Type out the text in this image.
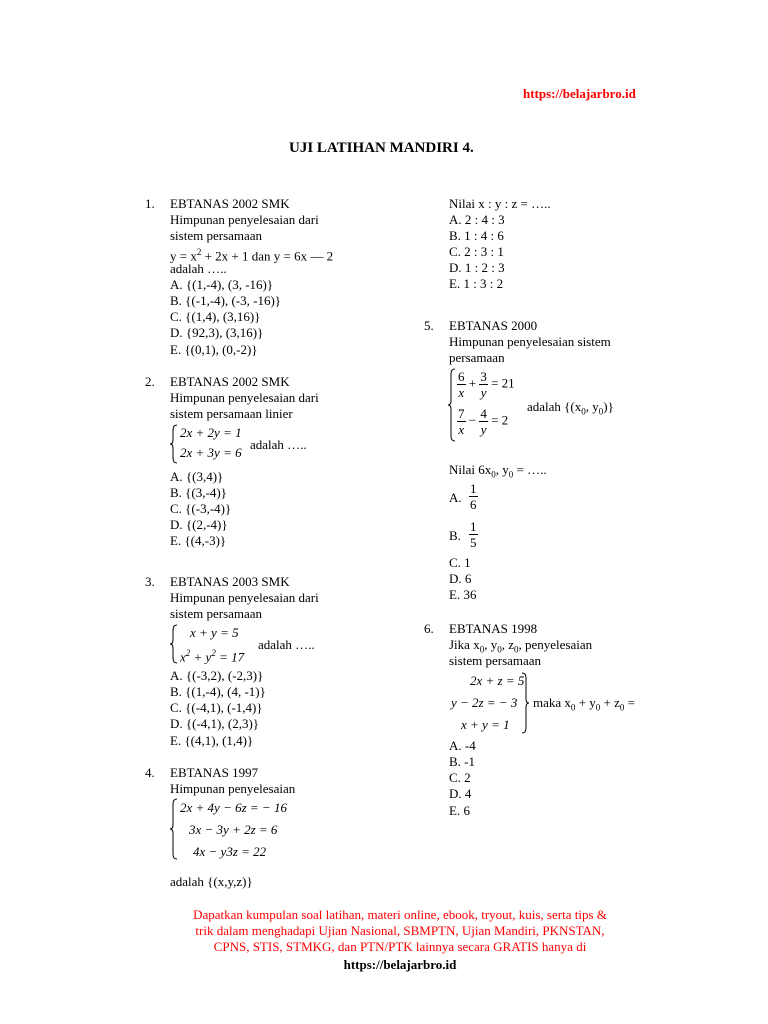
https://belajarbro.id
UJI LATIHAN MANDIRI 4.
1. EBTANAS 2002 SMK
Himpunan penyelesaian dari
sistem persamaan
$y = x^2 + 2x + 1$ dan y = 6x — 2
adalah …..
A. {(1,-4), (3, -16)}
B. {(-1,-4), (-3, -16)}
C. {(1,4), (3,16)}
D. {92,3), (3,16)}
E. {(0,1), (0,-2)}
2. EBTANAS 2002 SMK
Himpunan penyelesaian dari
sistem persamaan linier
2x + 2y = 1
2x + 3y = 6
adalah …..
A. {(3,4)}
B. {(3,-4)}
C. {(-3,-4)}
D. {(2,-4)}
E. {(4,-3)}
3. EBTANAS 2003 SMK
Himpunan penyelesaian dari
sistem persamaan
x + y = 5
$x^2 + y^2 = 17$
adalah …..
A. {(-3,2), (-2,3)}
B. {(1,-4), (4, -1)}
C. {(-4,1), (-1,4)}
D. {(-4,1), (2,3)}
E. {(4,1), (1,4)}
4. EBTANAS 1997
Himpunan penyelesaian
2x + 4y − 6z = − 16
3x − 3y + 2z = 6
4x − y3z = 22
adalah {(x,y,z)}
Nilai x : y : z = …..
A. 2 : 4 : 3
B. 1 : 4 : 6
C. 2 : 3 : 1
D. 1 : 2 : 3
E. 1 : 3 : 2
5. EBTANAS 2000
Himpunan penyelesaian sistem
persamaan
$\frac{6}{x} + \frac{3}{y} = 21$
$\frac{7}{x} - \frac{4}{y} = 2$
adalah {($x_0$, $y_0$)}
Nilai $6x_0$, $y_0$ = …..
A. $\frac{1}{6}$
B. $\frac{1}{5}$
C. 1
D. 6
E. 36
6. EBTANAS 1998
Jika $x_0$, $y_0$, $z_0$, penyelesaian
sistem persamaan
2x + z = 5
y − 2z = − 3
x + y = 1
maka $x_0 + y_0 + z_0$ =
A. -4
B. -1
C. 2
D. 4
E. 6
Dapatkan kumpulan soal latihan, materi online, ebook, tryout, kuis, serta tips &
trik dalam menghadapi Ujian Nasional, SBMPTN, Ujian Mandiri, PKNSTAN,
CPNS, STIS, STMKG, dan PTN/PTK lainnya secara GRATIS hanya di
https://belajarbro.id
